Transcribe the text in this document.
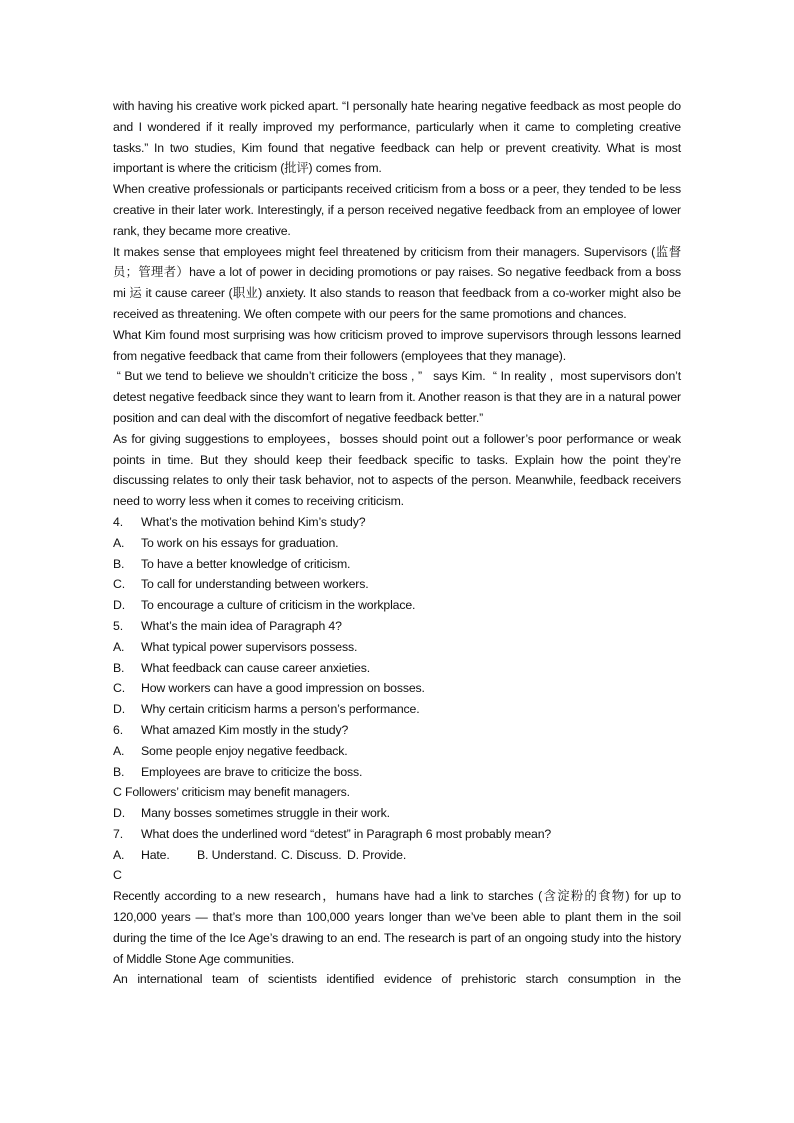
with having his creative work picked apart. “I personally hate hearing negative feedback as most people do and I wondered if it really improved my performance, particularly when it came to completing creative tasks.” In two studies, Kim found that negative feedback can help or prevent creativity. What is most important is where the criticism (批评) comes from.

When creative professionals or participants received criticism from a boss or a peer, they tended to be less creative in their later work. Interestingly, if a person received negative feedback from an employee of lower rank, they became more creative.

It makes sense that employees might feel threatened by criticism from their managers. Supervisors (监督员；管理者）have a lot of power in deciding promotions or pay raises. So negative feedback from a boss mi 运 it cause career (职业) anxiety. It also stands to reason that feedback from a co-worker might also be received as threatening. We often compete with our peers for the same promotions and chances.

What Kim found most surprising was how criticism proved to improve supervisors through lessons learned from negative feedback that came from their followers (employees that they manage).

“ But we tend to believe we shouldn’t criticize the boss , ”   says Kim.  “ In reality ,  most supervisors don’t detest negative feedback since they want to learn from it. Another reason is that they are in a natural power position and can deal with the discomfort of negative feedback better.”

As for giving suggestions to employees，bosses should point out a follower’s poor performance or weak points in time. But they should keep their feedback specific to tasks. Explain how the point they’re discussing relates to only their task behavior, not to aspects of the person. Meanwhile, feedback receivers need to worry less when it comes to receiving criticism.

4.	What’s the motivation behind Kim’s study?
A.	To work on his essays for graduation.
B.	To have a better knowledge of criticism.
C.	To call for understanding between workers.
D.	To encourage a culture of criticism in the workplace.
5.	What’s the main idea of Paragraph 4?
A.	What typical power supervisors possess.
B.	What feedback can cause career anxieties.
C.	How workers can have a good impression on bosses.
D.	Why certain criticism harms a person’s performance.
6.	What amazed Kim mostly in the study?
A.	Some people enjoy negative feedback.
B.	Employees are brave to criticize the boss.
C Followers’ criticism may benefit managers.
D.	Many bosses sometimes struggle in their work.
7.	What does the underlined word “detest” in Paragraph 6 most probably mean?
A.	Hate.	B. Understand. C. Discuss. D. Provide.
C

Recently according to a new research，humans have had a link to starches (含淀粉的食物) for up to 120,000 years — that’s more than 100,000 years longer than we’ve been able to plant them in the soil during the time of the Ice Age’s drawing to an end. The research is part of an ongoing study into the history of Middle Stone Age communities.

An international team of scientists identified evidence of prehistoric starch consumption in the
